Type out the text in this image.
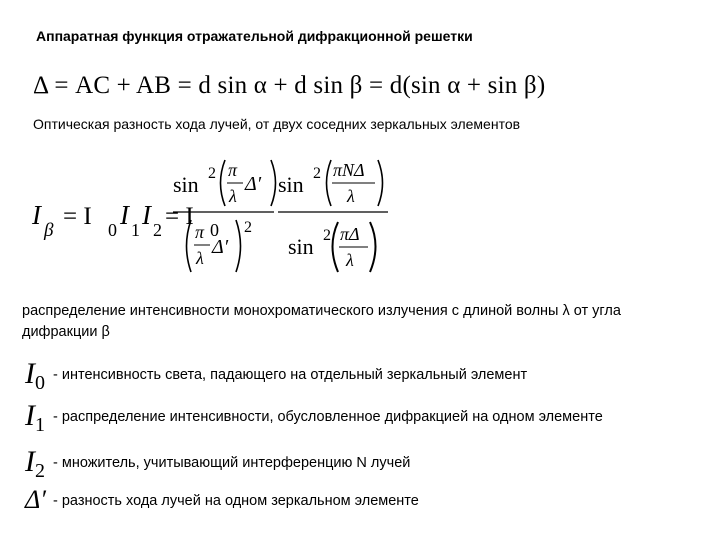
Аппаратная функция отражательной дифракционной решетки
Δ = AC + AB = d sin α + d sin β = d(sin α + sin β)
Оптическая разность хода лучей, от двух соседних зеркальных элементов
I
β
= I 0 I 1 I 2 = I 0
sin 2 π
λ
Δ′
π
λ Δ′
2
sin 2 πNΔ
λ
sin 2 πΔ
λ
распределение интенсивности монохроматического излучения с длиной волны λ от угла дифракции β
I0 - интенсивность света, падающего на отдельный зеркальный элемент
I1 - распределение интенсивности, обусловленное дифракцией на одном элементе
I2 - множитель, учитывающий интерференцию N лучей
Δ′ - разность хода лучей на одном зеркальном элементе
